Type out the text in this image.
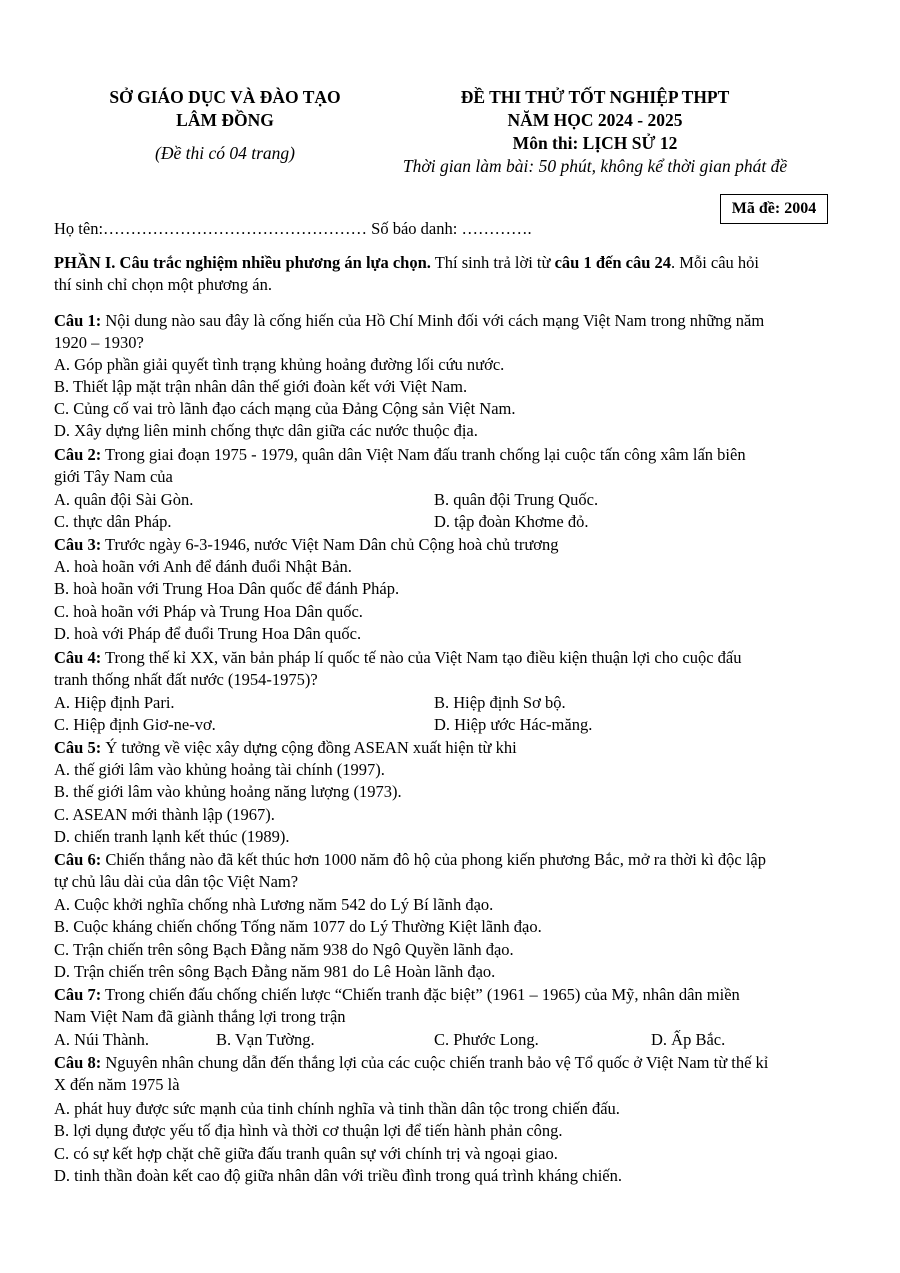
SỞ GIÁO DỤC VÀ ĐÀO TẠO
LÂM ĐỒNG
(Đề thi có 04 trang)
ĐỀ THI THỬ TỐT NGHIỆP THPT
NĂM HỌC 2024 - 2025
Môn thi: LỊCH SỬ 12
Thời gian làm bài: 50 phút, không kể thời gian phát đề
Mã đề: 2004
Họ tên:………………………………………… Số báo danh: ………….
PHẦN I. Câu trắc nghiệm nhiều phương án lựa chọn. Thí sinh trả lời từ câu 1 đến câu 24. Mỗi câu hỏi
thí sinh chỉ chọn một phương án.
Câu 1: Nội dung nào sau đây là cống hiến của Hồ Chí Minh đối với cách mạng Việt Nam trong những năm
1920 – 1930?
A. Góp phần giải quyết tình trạng khủng hoảng đường lối cứu nước.
B. Thiết lập mặt trận nhân dân thế giới đoàn kết với Việt Nam.
C. Củng cố vai trò lãnh đạo cách mạng của Đảng Cộng sản Việt Nam.
D. Xây dựng liên minh chống thực dân giữa các nước thuộc địa.
Câu 2: Trong giai đoạn 1975 - 1979, quân dân Việt Nam đấu tranh chống lại cuộc tấn công xâm lấn biên
giới Tây Nam của
A. quân đội Sài Gòn.	B. quân đội Trung Quốc.
C. thực dân Pháp.	D. tập đoàn Khơme đỏ.
Câu 3: Trước ngày 6-3-1946, nước Việt Nam Dân chủ Cộng hoà chủ trương
A. hoà hoãn với Anh để đánh đuổi Nhật Bản.
B. hoà hoãn với Trung Hoa Dân quốc để đánh Pháp.
C. hoà hoãn với Pháp và Trung Hoa Dân quốc.
D. hoà với Pháp để đuổi Trung Hoa Dân quốc.
Câu 4: Trong thế kỉ XX, văn bản pháp lí quốc tế nào của Việt Nam tạo điều kiện thuận lợi cho cuộc đấu
tranh thống nhất đất nước (1954-1975)?
A. Hiệp định Pari.	B. Hiệp định Sơ bộ.
C. Hiệp định Giơ-ne-vơ.	D. Hiệp ước Hác-măng.
Câu 5: Ý tưởng về việc xây dựng cộng đồng ASEAN xuất hiện từ khi
A. thế giới lâm vào khủng hoảng tài chính (1997).
B. thế giới lâm vào khủng hoảng năng lượng (1973).
C. ASEAN mới thành lập (1967).
D. chiến tranh lạnh kết thúc (1989).
Câu 6: Chiến thắng nào đã kết thúc hơn 1000 năm đô hộ của phong kiến phương Bắc, mở ra thời kì độc lập
tự chủ lâu dài của dân tộc Việt Nam?
A. Cuộc khởi nghĩa chống nhà Lương năm 542 do Lý Bí lãnh đạo.
B. Cuộc kháng chiến chống Tống năm 1077 do Lý Thường Kiệt lãnh đạo.
C. Trận chiến trên sông Bạch Đằng năm 938 do Ngô Quyền lãnh đạo.
D. Trận chiến trên sông Bạch Đằng năm 981 do Lê Hoàn lãnh đạo.
Câu 7: Trong chiến đấu chống chiến lược “Chiến tranh đặc biệt” (1961 – 1965) của Mỹ, nhân dân miền
Nam Việt Nam đã giành thắng lợi trong trận
A. Núi Thành.	B. Vạn Tường.	C. Phước Long.	D. Ấp Bắc.
Câu 8: Nguyên nhân chung dẫn đến thắng lợi của các cuộc chiến tranh bảo vệ Tổ quốc ở Việt Nam từ thế kỉ
X đến năm 1975 là
A. phát huy được sức mạnh của tinh chính nghĩa và tinh thần dân tộc trong chiến đấu.
B. lợi dụng được yếu tố địa hình và thời cơ thuận lợi để tiến hành phản công.
C. có sự kết hợp chặt chẽ giữa đấu tranh quân sự với chính trị và ngoại giao.
D. tinh thần đoàn kết cao độ giữa nhân dân với triều đình trong quá trình kháng chiến.
